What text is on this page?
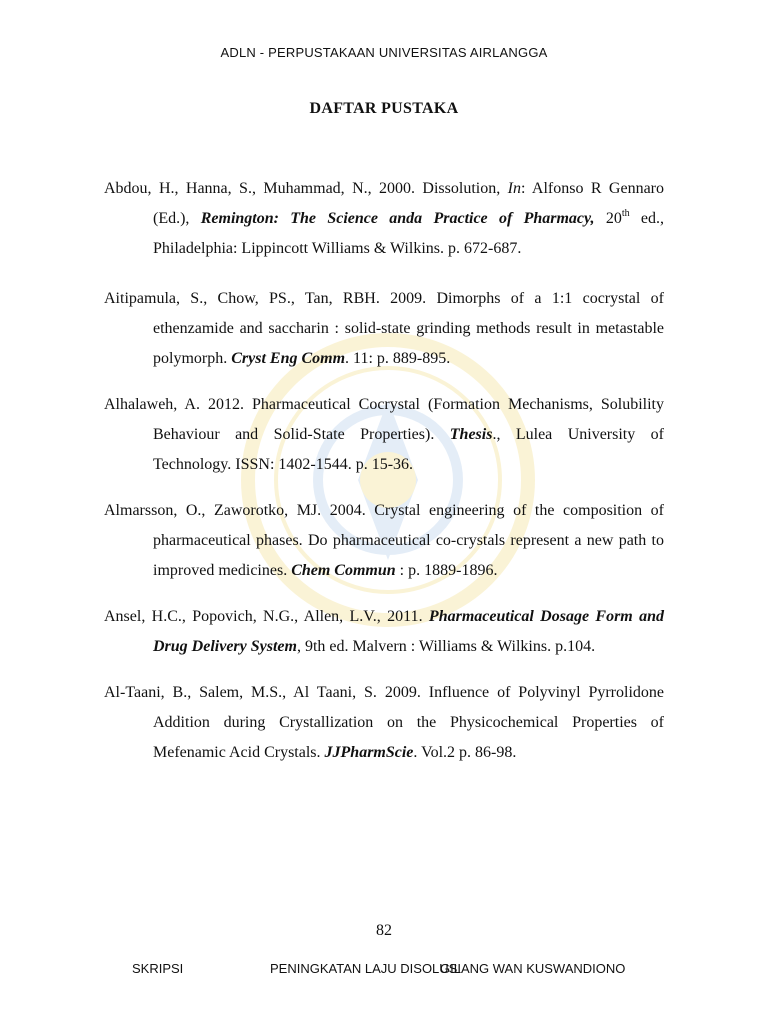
ADLN - PERPUSTAKAAN UNIVERSITAS AIRLANGGA
DAFTAR PUSTAKA

Abdou, H., Hanna, S., Muhammad, N., 2000. Dissolution, In: Alfonso R Gennaro (Ed.), Remington: The Science anda Practice of Pharmacy, 20th ed., Philadelphia: Lippincott Williams & Wilkins. p. 672-687.

Aitipamula, S., Chow, PS., Tan, RBH. 2009. Dimorphs of a 1:1 cocrystal of ethenzamide and saccharin : solid-state grinding methods result in metastable polymorph. Cryst Eng Comm. 11: p. 889-895.

Alhalaweh, A. 2012. Pharmaceutical Cocrystal (Formation Mechanisms, Solubility Behaviour and Solid-State Properties). Thesis., Lulea University of Technology. ISSN: 1402-1544. p. 15-36.

Almarsson, O., Zaworotko, MJ. 2004. Crystal engineering of the composition of pharmaceutical phases. Do pharmaceutical co-crystals represent a new path to improved medicines. Chem Commun : p. 1889-1896.

Ansel, H.C., Popovich, N.G., Allen, L.V., 2011. Pharmaceutical Dosage Form and Drug Delivery System, 9th ed. Malvern : Williams & Wilkins. p.104.

Al-Taani, B., Salem, M.S., Al Taani, S. 2009. Influence of Polyvinyl Pyrrolidone Addition during Crystallization on the Physicochemical Properties of Mefenamic Acid Crystals. JJPharmScie. Vol.2 p. 86-98.

82
SKRIPSI	PENINGKATAN LAJU DISOLUSI
GILANG WAN KUSWANDIONO
